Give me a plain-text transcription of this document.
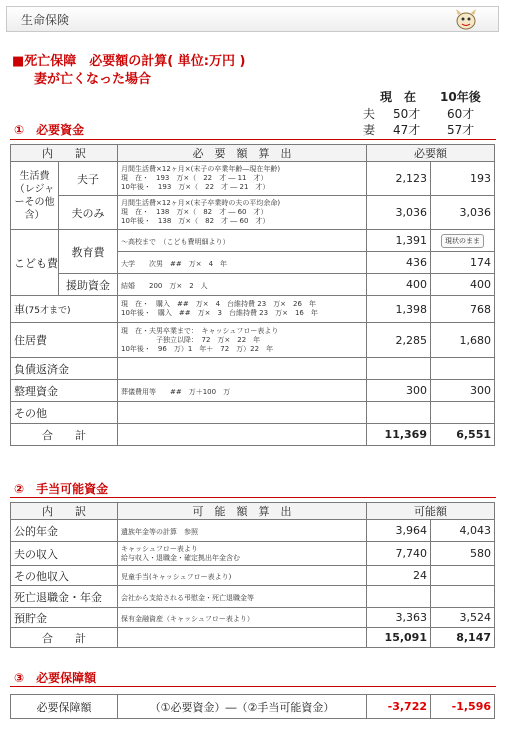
生命保険
■死亡保障　必要額の計算( 単位:万円 )
妻が亡くなった場合
現　在 10年後
夫 50才 60才
妻 47才 57才
①　必要資金
内　　訳		必　要　額　算　出	必要額	
生活費（レジャーその他含）	夫子	月間生活費×12ヶ月×(末子の卒業年齢―現在年齢)
現　在・　193　万×（　22　才 ― 11　才）
10年後・　193　万×（　22　才 ― 21　才）	2,123	193
	夫のみ	月間生活費×12ヶ月×(末子卒業時の夫の平均余命)
現　在・　138　万×（　82　才 ― 60　才）
10年後・　138　万×（　82　才 ― 60　才）	3,036	3,036
こども費	教育費	～高校まで　（こども費明細より）	1,391	現状のまま
		大学　　次男　##　万×　4　年	436	174
	援助資金	結婚　　200　万×　2　人	400	400
車(75才まで)		現　在・　購入　##　万×　4　台維持費 23　万×　26　年
10年後・　購入　##　万×　3　台維持費 23　万×　16　年	1,398	768
住居費		現　在・夫男卒業まで：　キャッシュフロー表より
　　　　　子独立以降：　72　万×　22　年
10年後・　96　万）1　年＋　72　万）22　年	2,285	1,680
負債返済金				
整理資金		葬儀費用等　　##　万＋100　万	300	300
その他				
合　　計			11,369	6,551
②　手当可能資金
内　　訳	可　能　額　算　出	可能額	
公的年金	遺族年金等の計算　参照	3,964	4,043
夫の収入	キャッシュフロー表より
給与収入・退職金・確定拠出年金含む	7,740	580
その他収入	児童手当(キャッシュフロー表より)	24	
死亡退職金・年金	会社から支給される弔慰金・死亡退職金等		
預貯金	保有金融資産（キャッシュフロー表より）	3,363	3,524
合　　計		15,091	8,147
③　必要保障額
必要保障額	（①必要資金）―（②手当可能資金）	-3,722	-1,596
